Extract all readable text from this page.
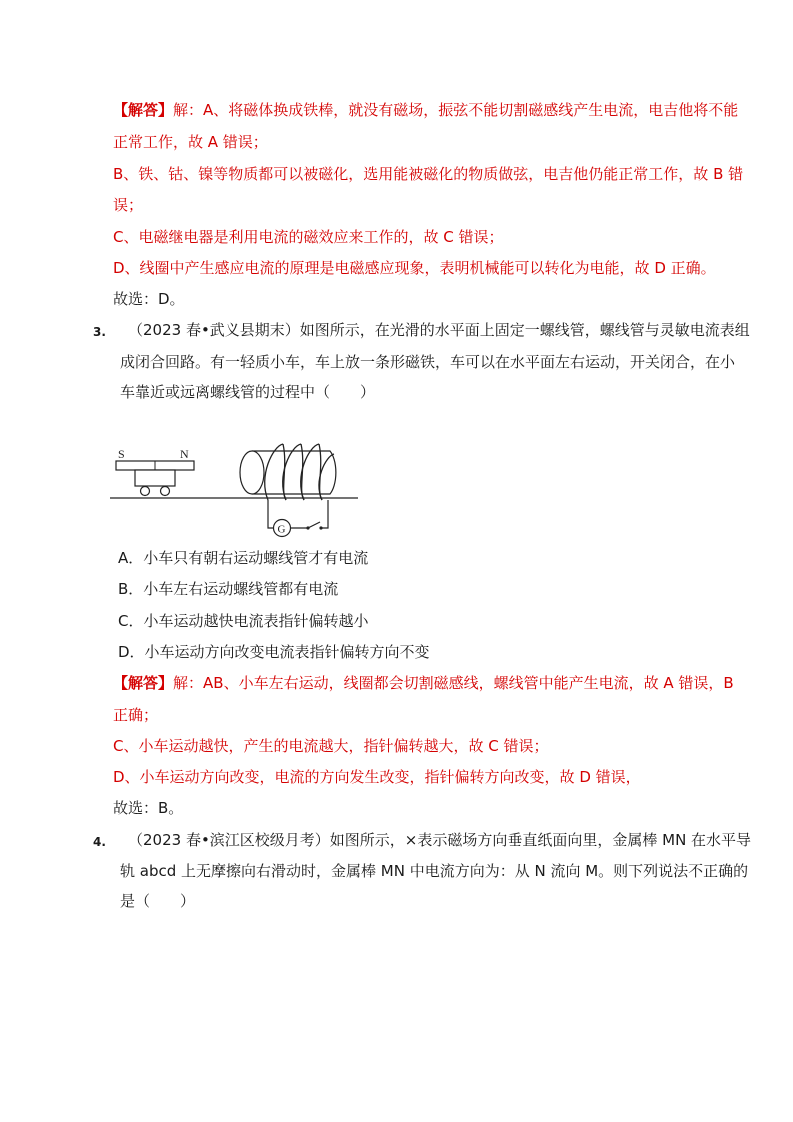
【解答】解：A、将磁体换成铁棒，就没有磁场，振弦不能切割磁感线产生电流，电吉他将不能
正常工作，故 A 错误；
B、铁、钴、镍等物质都可以被磁化，选用能被磁化的物质做弦，电吉他仍能正常工作，故 B 错
误；
C、电磁继电器是利用电流的磁效应来工作的，故 C 错误；
D、线圈中产生感应电流的原理是电磁感应现象，表明机械能可以转化为电能，故 D 正确。
故选：D。
3. （2023 春•武义县期末）如图所示，在光滑的水平面上固定一螺线管，螺线管与灵敏电流表组
成闭合回路。有一轻质小车，车上放一条形磁铁，车可以在水平面左右运动，开关闭合，在小
车靠近或远离螺线管的过程中（　　）
S	N
G
A．小车只有朝右运动螺线管才有电流
B．小车左右运动螺线管都有电流
C．小车运动越快电流表指针偏转越小
D．小车运动方向改变电流表指针偏转方向不变
【解答】解：AB、小车左右运动，线圈都会切割磁感线，螺线管中能产生电流，故 A 错误，B
正确；
C、小车运动越快，产生的电流越大，指针偏转越大，故 C 错误；
D、小车运动方向改变，电流的方向发生改变，指针偏转方向改变，故 D 错误，
故选：B。
4. （2023 春•滨江区校级月考）如图所示，×表示磁场方向垂直纸面向里，金属棒 MN 在水平导
轨 abcd 上无摩擦向右滑动时，金属棒 MN 中电流方向为：从 N 流向 M。则下列说法不正确的
是（　　）
